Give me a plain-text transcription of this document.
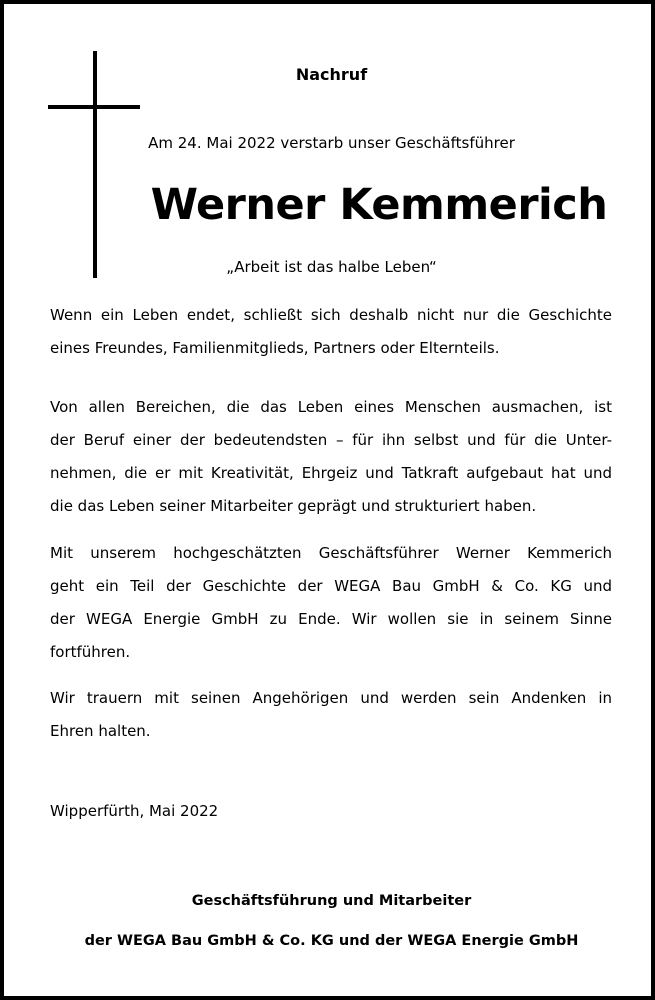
Nachruf
Am 24. Mai 2022 verstarb unser Geschäftsführer
Werner Kemmerich
„Arbeit ist das halbe Leben“
Wenn ein Leben endet, schließt sich deshalb nicht nur die Geschichte
eines Freundes, Familienmitglieds, Partners oder Elternteils.
Von allen Bereichen, die das Leben eines Menschen ausmachen, ist
der Beruf einer der bedeutendsten – für ihn selbst und für die Unter-
nehmen, die er mit Kreativität, Ehrgeiz und Tatkraft aufgebaut hat und
die das Leben seiner Mitarbeiter geprägt und strukturiert haben.
Mit unserem hochgeschätzten Geschäftsführer Werner Kemmerich
geht ein Teil der Geschichte der WEGA Bau GmbH & Co. KG und
der WEGA Energie GmbH zu Ende. Wir wollen sie in seinem Sinne
fortführen.
Wir trauern mit seinen Angehörigen und werden sein Andenken in
Ehren halten.
Wipperfürth, Mai 2022
Geschäftsführung und Mitarbeiter
der WEGA Bau GmbH & Co. KG und der WEGA Energie GmbH
